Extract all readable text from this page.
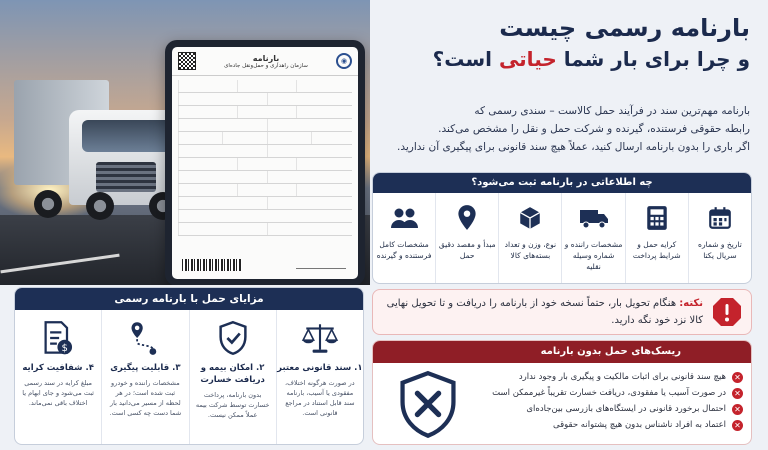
بارنامه
سازمان راهداری و حمل‌ونقل جاده‌ای
◉
بارنامه رسمی چیست
و چرا برای بار شما حیاتی است؟
بارنامه مهم‌ترین سند در فرآیند حمل کالاست – سندی رسمی که
رابطه حقوقی فرستنده، گیرنده و شرکت حمل و نقل را مشخص می‌کند.
اگر باری را بدون بارنامه ارسال کنید، عملاً هیچ سند قانونی برای پیگیری آن ندارید.
چه اطلاعاتی در بارنامه ثبت می‌شود؟
تاریخ و شماره سریال یکتا
کرایه حمل و شرایط پرداخت
مشخصات راننده و شماره وسیله نقلیه
نوع، وزن و تعداد بسته‌های کالا
مبدأ و مقصد دقیق حمل
مشخصات کامل فرستنده و گیرنده
مزایای حمل با بارنامه رسمی
۱. سند قانونی معتبر
در صورت هرگونه اختلاف، مفقودی یا آسیب، بارنامه سند قابل استناد در مراجع قانونی است.
۲. امکان بیمه و دریافت خسارت
بدون بارنامه، پرداخت خسارت توسط شرکت بیمه عملاً ممکن نیست.
۳. قابلیت پیگیری
مشخصات راننده و خودرو ثبت شده است؛ در هر لحظه از مسیر می‌دانید بار شما دست چه کسی است.
$
۴. شفافیت کرایه
مبلغ کرایه در سند رسمی ثبت می‌شود و جای ابهام یا اختلاف باقی نمی‌ماند.
نکته: هنگام تحویل بار، حتماً نسخه خود از بارنامه را دریافت و تا تحویل نهایی کالا نزد خود نگه دارید.
ریسک‌های حمل بدون بارنامه
✕
هیچ سند قانونی برای اثبات مالکیت و پیگیری بار وجود ندارد
✕
در صورت آسیب یا مفقودی، دریافت خسارت تقریباً غیرممکن است
✕
احتمال برخورد قانونی در ایستگاه‌های بازرسی بین‌جاده‌ای
✕
اعتماد به افراد ناشناس بدون هیچ پشتوانه حقوقی
